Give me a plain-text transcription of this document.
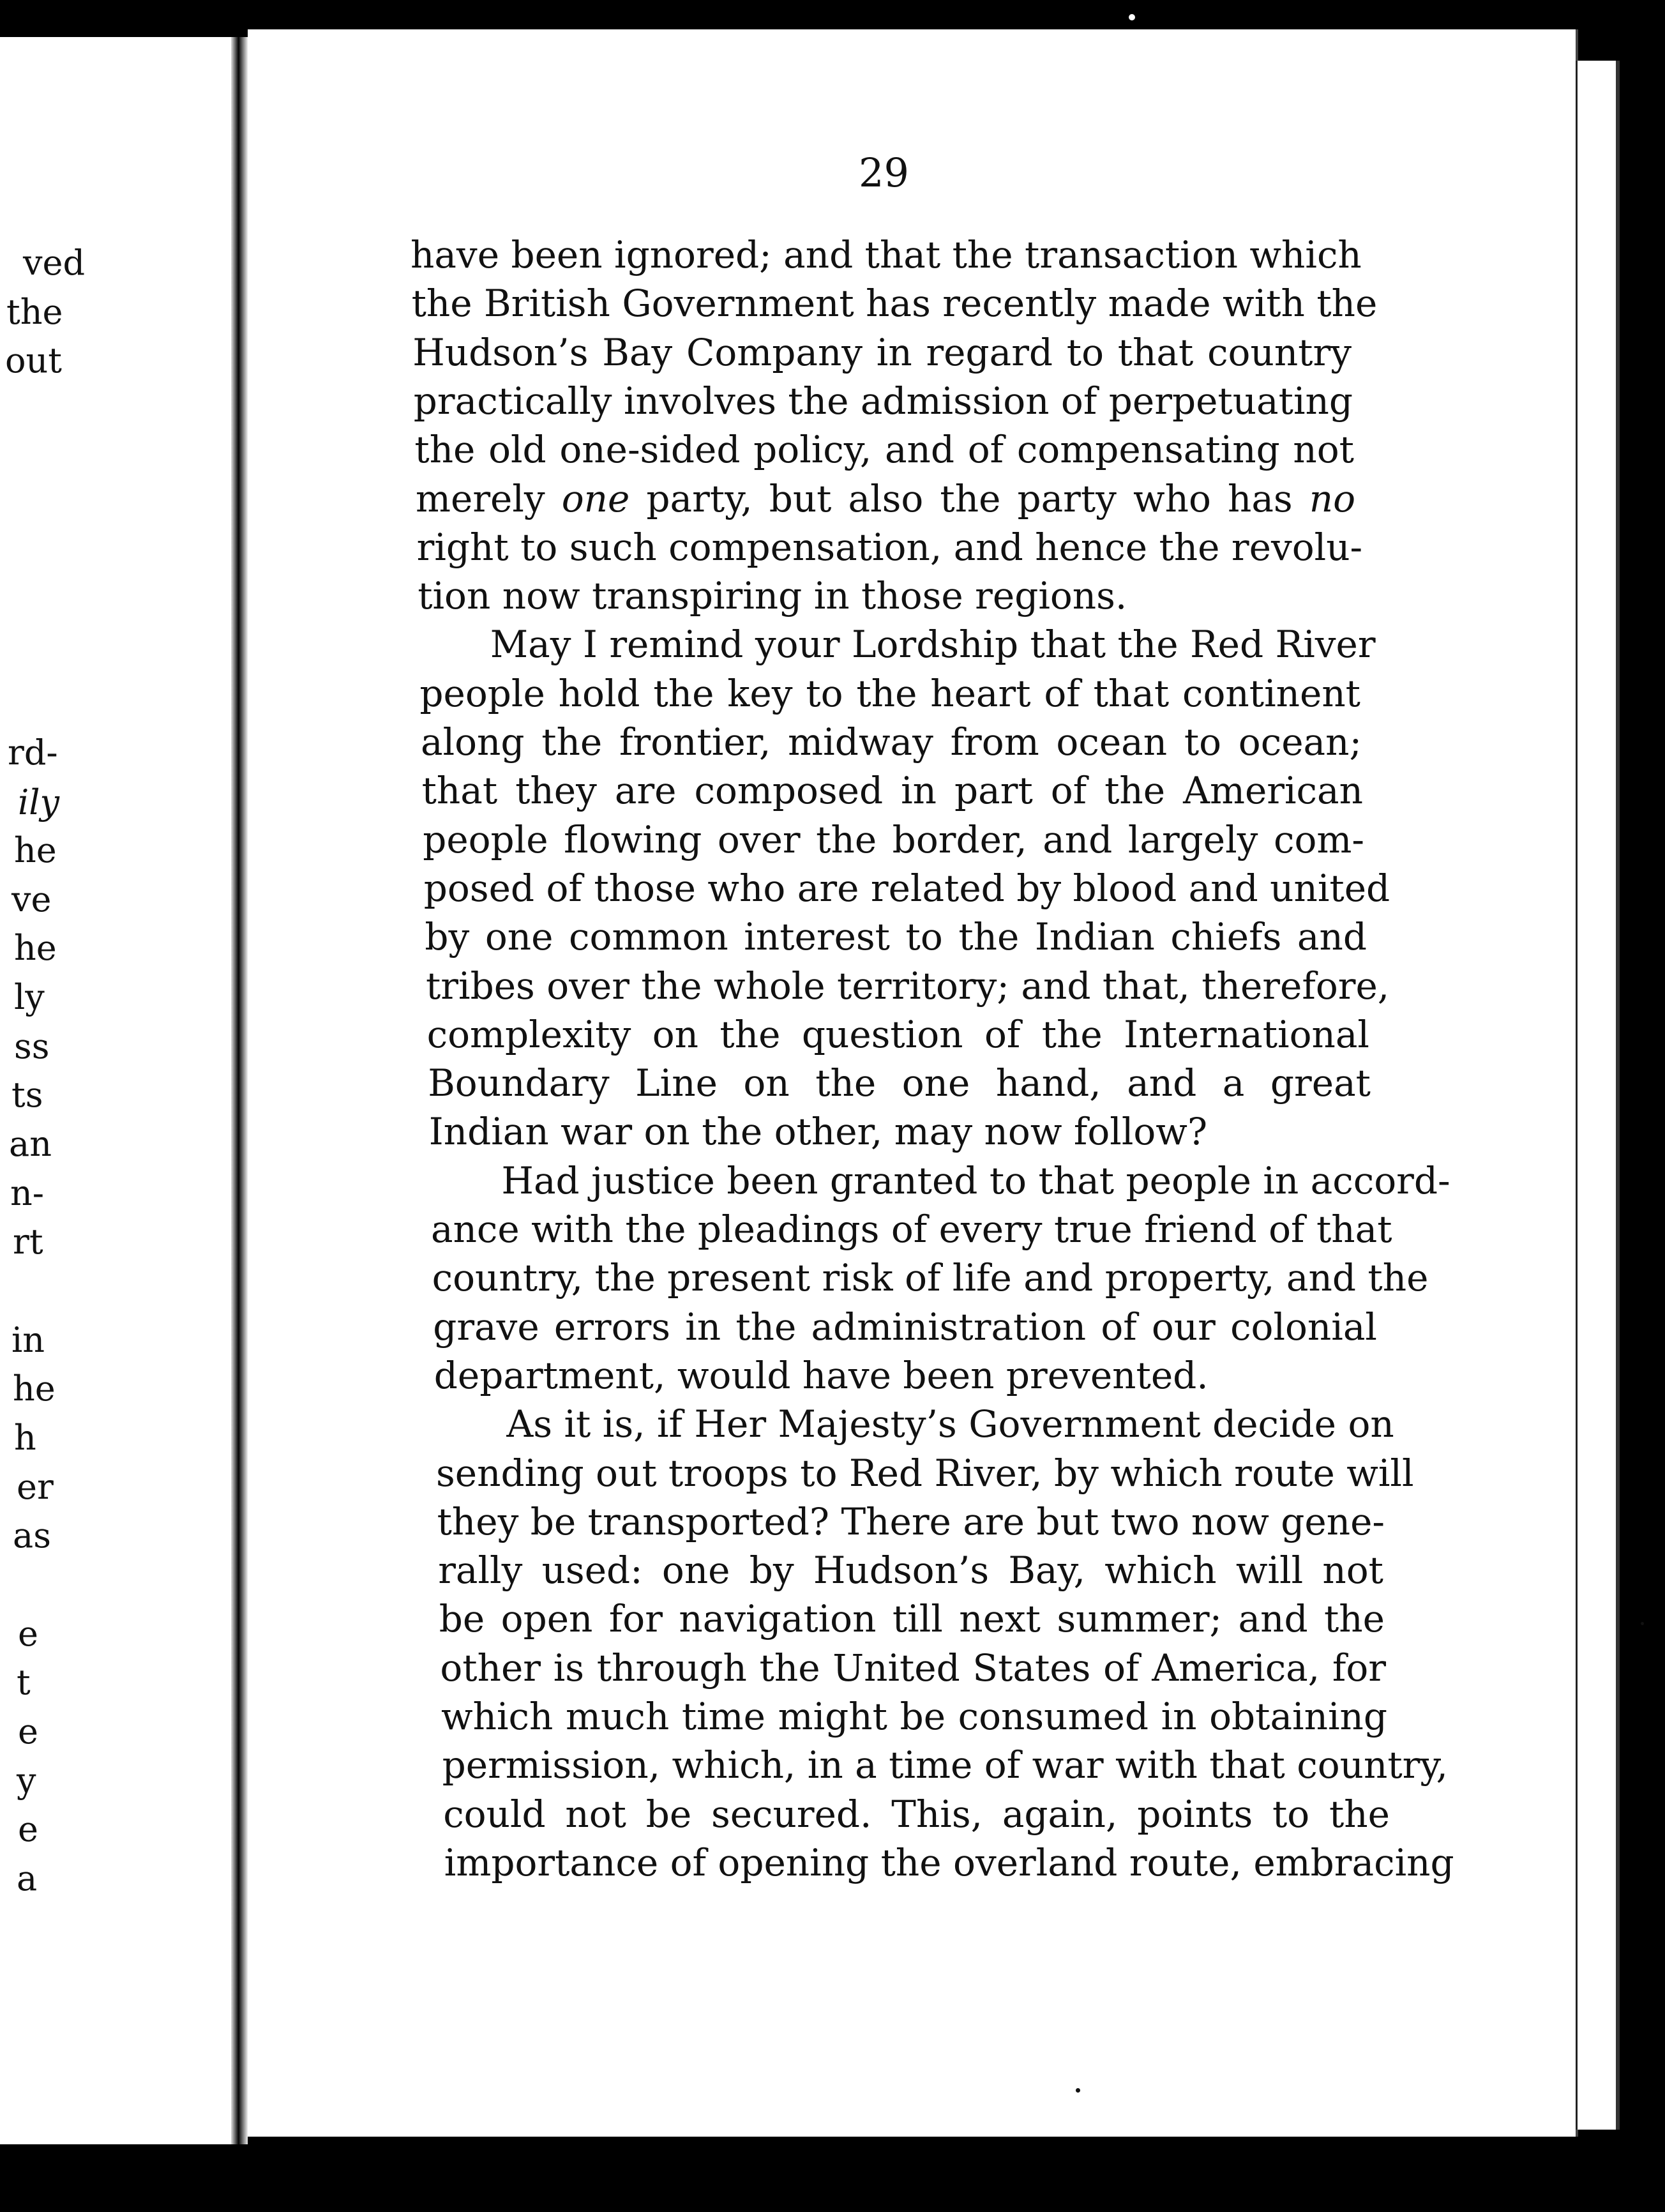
29
have been ignored; and that the transaction which
the British Government has recently made with the
Hudson’s Bay Company in regard to that country
practically involves the admission of perpetuating
the old one-sided policy, and of compensating not
merely one party, but also the party who has no
right to such compensation, and hence the revolu-
tion now transpiring in those regions.
May I remind your Lordship that the Red River
people hold the key to the heart of that continent
along the frontier, midway from ocean to ocean;
that they are composed in part of the American
people flowing over the border, and largely com-
posed of those who are related by blood and united
by one common interest to the Indian chiefs and
tribes over the whole territory; and that, therefore,
complexity on the question of the International
Boundary Line on the one hand, and a great
Indian war on the other, may now follow?
Had justice been granted to that people in accord-
ance with the pleadings of every true friend of that
country, the present risk of life and property, and the
grave errors in the administration of our colonial
department, would have been prevented.
As it is, if Her Majesty’s Government decide on
sending out troops to Red River, by which route will
they be transported? There are but two now gene-
rally used: one by Hudson’s Bay, which will not
be open for navigation till next summer; and the
other is through the United States of America, for
which much time might be consumed in obtaining
permission, which, in a time of war with that country,
could not be secured. This, again, points to the
importance of opening the overland route, embracing
ved
the
out
rd-
ily
he
ve
he
ly
ss
ts
an
n-
rt
in
he
h
er
as
e
t
e
y
e
a
